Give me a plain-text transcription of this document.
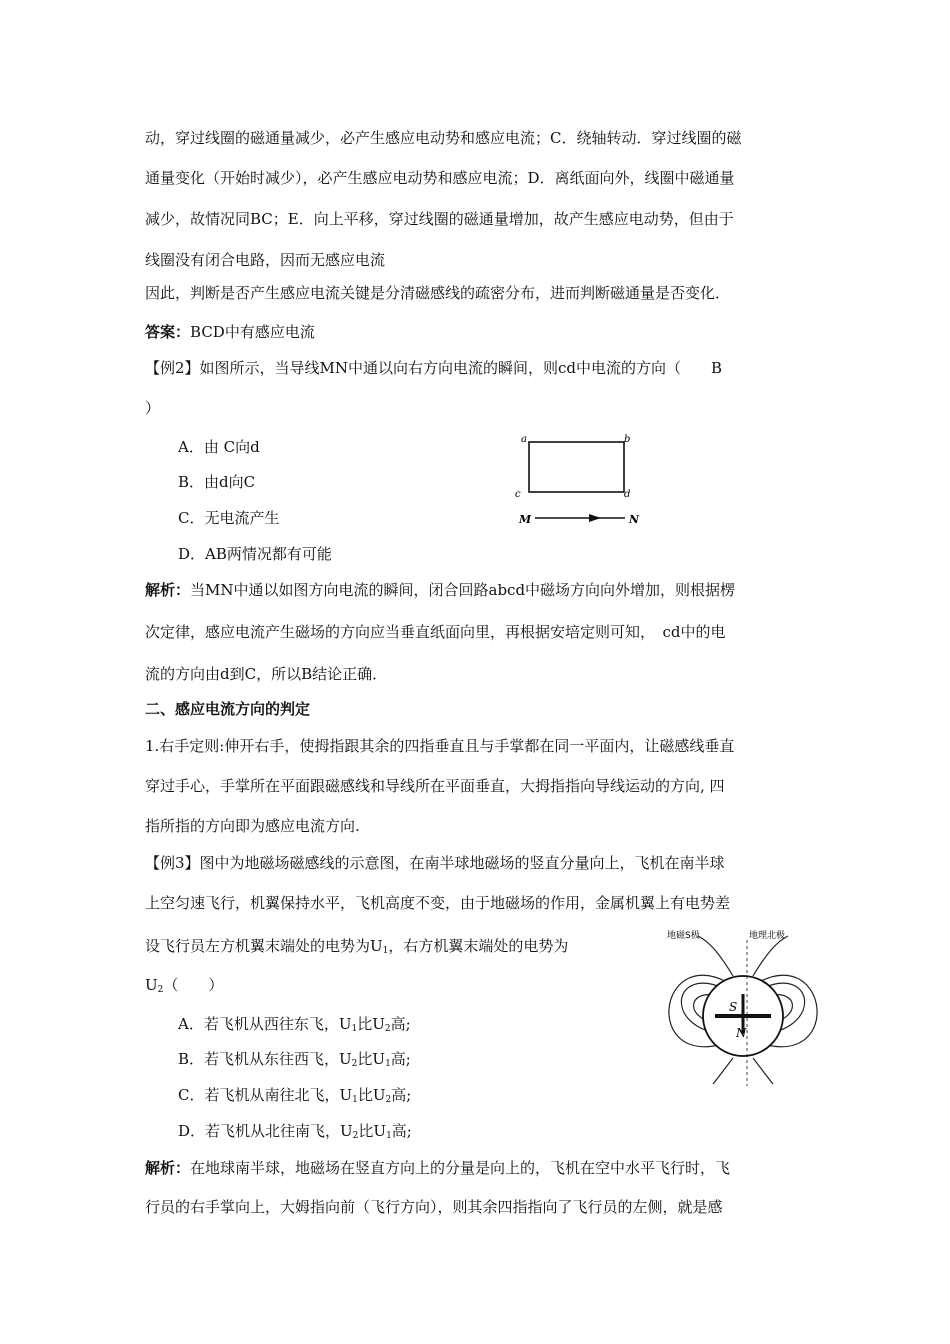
动，穿过线圈的磁通量减少，必产生感应电动势和感应电流；C．绕轴转动．穿过线圈的磁
通量变化（开始时减少），必产生感应电动势和感应电流；D．离纸面向外，线圈中磁通量
减少，故情况同BC；E．向上平移，穿过线圈的磁通量增加，故产生感应电动势，但由于
线圈没有闭合电路，因而无感应电流
因此，判断是否产生感应电流关键是分清磁感线的疏密分布，进而判断磁通量是否变化．
答案：BCD中有感应电流
【例2】如图所示，当导线MN中通以向右方向电流的瞬间，则cd中电流的方向（　　B
）
A．由 C向d
B．由d向C
C．无电流产生
D．AB两情况都有可能
a	b
c	d
M	N
解析：当MN中通以如图方向电流的瞬间，闭合回路abcd中磁场方向向外增加，则根据楞
次定律，感应电流产生磁场的方向应当垂直纸面向里，再根据安培定则可知，　cd中的电
流的方向由d到C，所以B结论正确．
二、感应电流方向的判定
1.右手定则:伸开右手，使拇指跟其余的四指垂直且与手掌都在同一平面内，让磁感线垂直
穿过手心，手掌所在平面跟磁感线和导线所在平面垂直，大拇指指向导线运动的方向, 四
指所指的方向即为感应电流方向.
【例3】图中为地磁场磁感线的示意图，在南半球地磁场的竖直分量向上，飞机在南半球
上空匀速飞行，机翼保持水平，飞机高度不变，由于地磁场的作用，金属机翼上有电势差
设飞行员左方机翼末端处的电势为$U_1$，右方机翼末端处的电势为
$U_2$（　　）
A．若飞机从西往东飞，$U_1$比$U_2$高;
B．若飞机从东往西飞，$U_2$比$U_1$高;
C．若飞机从南往北飞，$U_1$比$U_2$高;
D．若飞机从北往南飞，$U_2$比$U_1$高;
S
N
地磁S极	地理北极
解析：在地球南半球，地磁场在竖直方向上的分量是向上的，飞机在空中水平飞行时，飞
行员的右手掌向上，大姆指向前（飞行方向），则其余四指指向了飞行员的左侧，就是感
